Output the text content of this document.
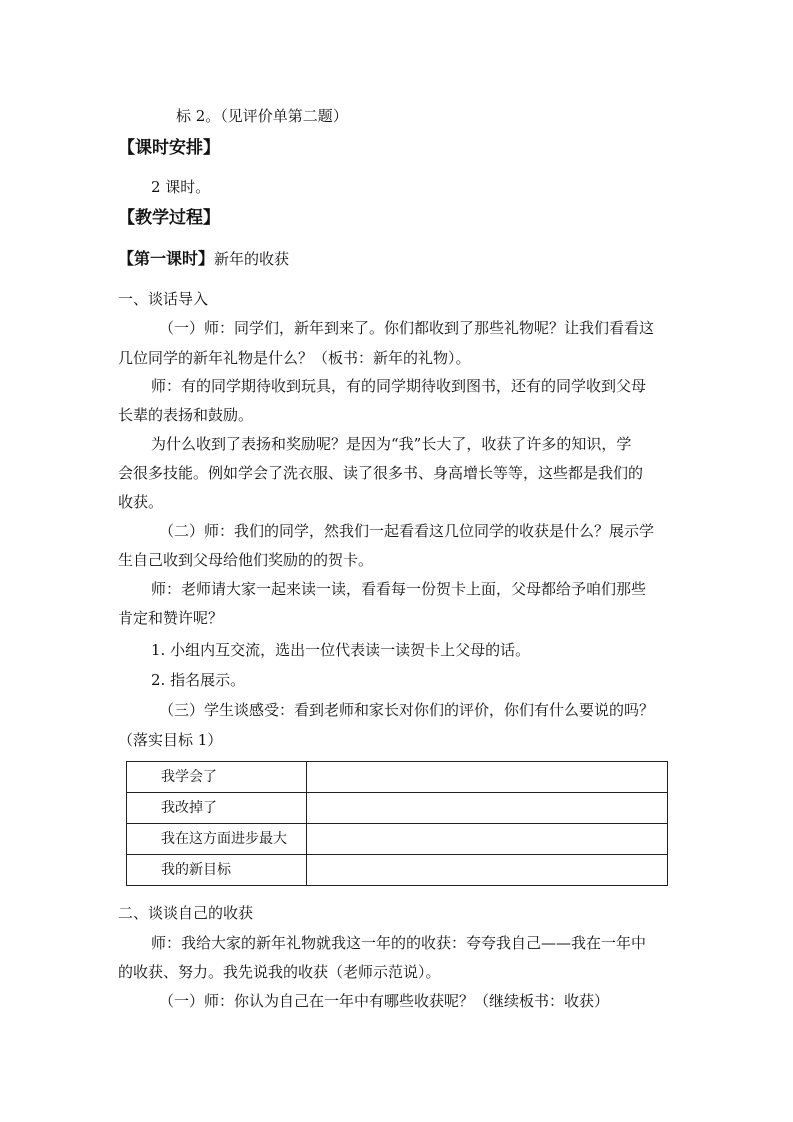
标 2。（见评价单第二题）
【课时安排】
2 课时。
【教学过程】
【第一课时】新年的收获
一、谈话导入
（一）师：同学们，新年到来了。你们都收到了那些礼物呢？让我们看看这
几位同学的新年礼物是什么？（板书：新年的礼物）。
师：有的同学期待收到玩具，有的同学期待收到图书，还有的同学收到父母
长辈的表扬和鼓励。
为什么收到了表扬和奖励呢？是因为“我”长大了，收获了许多的知识，学
会很多技能。例如学会了洗衣服、读了很多书、身高增长等等，这些都是我们的
收获。
（二）师：我们的同学，然我们一起看看这几位同学的收获是什么？展示学
生自己收到父母给他们奖励的的贺卡。
师：老师请大家一起来读一读，看看每一份贺卡上面，父母都给予咱们那些
肯定和赞许呢？
1. 小组内互交流，选出一位代表读一读贺卡上父母的话。
2. 指名展示。
（三）学生谈感受：看到老师和家长对你们的评价，你们有什么要说的吗？
（落实目标 1）
我学会了	
我改掉了	
我在这方面进步最大	
我的新目标	
二、谈谈自己的收获
师：我给大家的新年礼物就我这一年的的收获：夸夸我自己——我在一年中
的收获、努力。我先说我的收获（老师示范说）。
（一）师：你认为自己在一年中有哪些收获呢？（继续板书：收获）
